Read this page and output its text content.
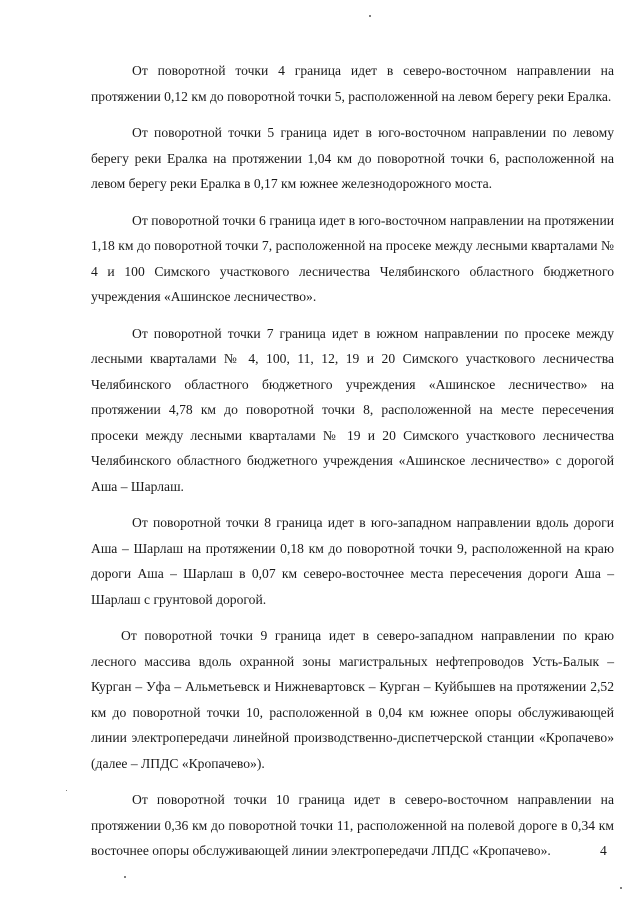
От поворотной точки 4 граница идет в северо-восточном направлении на протяжении 0,12 км до поворотной точки 5, расположенной на левом берегу реки Ералка.

От поворотной точки 5 граница идет в юго-восточном направлении по левому берегу реки Ералка на протяжении 1,04 км до поворотной точки 6, расположенной на левом берегу реки Ералка в 0,17 км южнее железнодорожного моста.

От поворотной точки 6 граница идет в юго-восточном направлении на протяжении 1,18 км до поворотной точки 7, расположенной на просеке между лесными кварталами № 4 и 100 Симского участкового лесничества Челябинского областного бюджетного учреждения «Ашинское лесничество».

От поворотной точки 7 граница идет в южном направлении по просеке между лесными кварталами № 4, 100, 11, 12, 19 и 20 Симского участкового лесничества Челябинского областного бюджетного учреждения «Ашинское лесничество» на протяжении 4,78 км до поворотной точки 8, расположенной на месте пересечения просеки между лесными кварталами № 19 и 20 Симского участкового лесничества Челябинского областного бюджетного учреждения «Ашинское лесничество» с дорогой Аша – Шарлаш.

От поворотной точки 8 граница идет в юго-западном направлении вдоль дороги Аша – Шарлаш на протяжении 0,18 км до поворотной точки 9, расположенной на краю дороги Аша – Шарлаш в 0,07 км северо-восточнее места пересечения дороги Аша – Шарлаш с грунтовой дорогой.

От поворотной точки 9 граница идет в северо-западном направлении по краю лесного массива вдоль охранной зоны магистральных нефтепроводов Усть-Балык – Курган – Уфа – Альметьевск и Нижневартовск – Курган – Куйбышев на протяжении 2,52 км до поворотной точки 10, расположенной в 0,04 км южнее опоры обслуживающей линии электропередачи линейной производственно-диспетчерской станции «Кропачево» (далее – ЛПДС «Кропачево»).

От поворотной точки 10 граница идет в северо-восточном направлении на протяжении 0,36 км до поворотной точки 11, расположенной на полевой дороге в 0,34 км восточнее опоры обслуживающей линии электропередачи ЛПДС «Кропачево».	4
